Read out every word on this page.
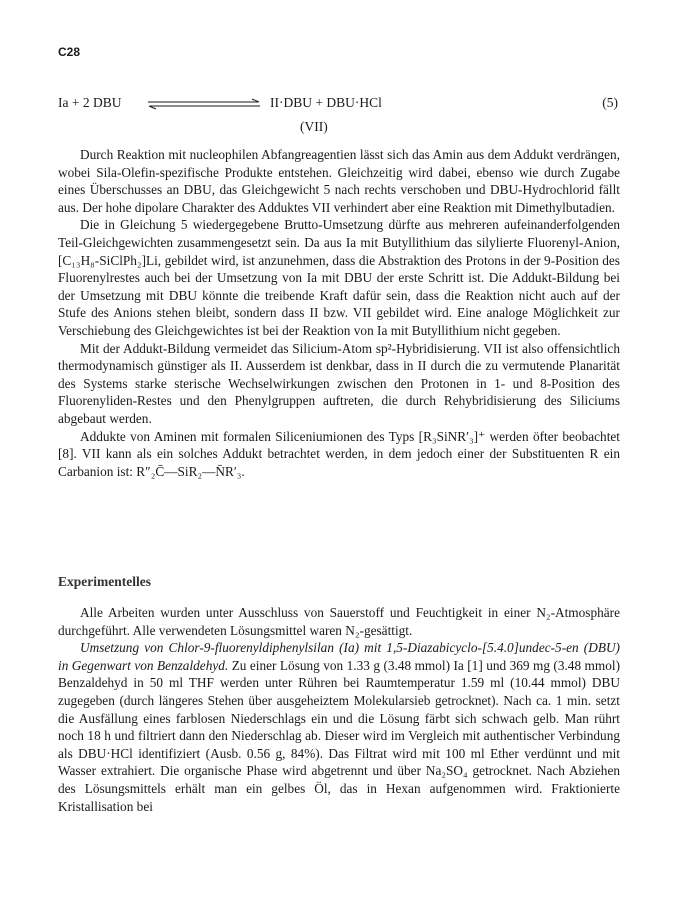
C28
Ia + 2 DBU	II·DBU + DBU·HCl	(5)
(VII)

Durch Reaktion mit nucleophilen Abfangreagentien lässt sich das Amin aus dem Addukt verdrängen, wobei Sila-Olefin-spezifische Produkte entstehen. Gleichzeitig wird dabei, ebenso wie durch Zugabe eines Überschusses an DBU, das Gleichgewicht 5 nach rechts verschoben und DBU-Hydrochlorid fällt aus. Der hohe dipolare Charakter des Adduktes VII verhindert aber eine Reaktion mit Dimethylbutadien.

Die in Gleichung 5 wiedergegebene Brutto-Umsetzung dürfte aus mehreren aufeinanderfolgenden Teil-Gleichgewichten zusammengesetzt sein. Da aus Ia mit Butyllithium das silylierte Fluorenyl-Anion, [C₁₃H₈-SiClPh₂]Li, gebildet wird, ist anzunehmen, dass die Abstraktion des Protons in der 9-Position des Fluorenylrestes auch bei der Umsetzung von Ia mit DBU der erste Schritt ist. Die Addukt-Bildung bei der Umsetzung mit DBU könnte die treibende Kraft dafür sein, dass die Reaktion nicht auch auf der Stufe des Anions stehen bleibt, sondern dass II bzw. VII gebildet wird. Eine analoge Möglichkeit zur Verschiebung des Gleichgewichtes ist bei der Reaktion von Ia mit Butyllithium nicht gegeben.

Mit der Addukt-Bildung vermeidet das Silicium-Atom sp²-Hybridisierung. VII ist also offensichtlich thermodynamisch günstiger als II. Ausserdem ist denkbar, dass in II durch die zu vermutende Planarität des Systems starke sterische Wechselwirkungen zwischen den Protonen in 1- und 8-Position des Fluorenyliden-Restes und den Phenylgruppen auftreten, die durch Rehybridisierung des Siliciums abgebaut werden.

Addukte von Aminen mit formalen Siliceniumionen des Typs [R₃SiNR′₃]⁺ werden öfter beobachtet [8]. VII kann als ein solches Addukt betrachtet werden, in dem jedoch einer der Substituenten R ein Carbanion ist: R″₂C̄—SiR₂—N̄R′₃.

Experimentelles

Alle Arbeiten wurden unter Ausschluss von Sauerstoff und Feuchtigkeit in einer N₂-Atmosphäre durchgeführt. Alle verwendeten Lösungsmittel waren N₂-gesättigt.

Umsetzung von Chlor-9-fluorenyldiphenylsilan (Ia) mit 1,5-Diazabicyclo-[5.4.0]undec-5-en (DBU) in Gegenwart von Benzaldehyd. Zu einer Lösung von 1.33 g (3.48 mmol) Ia [1] und 369 mg (3.48 mmol) Benzaldehyd in 50 ml THF werden unter Rühren bei Raumtemperatur 1.59 ml (10.44 mmol) DBU zugegeben (durch längeres Stehen über ausgeheiztem Molekularsieb getrocknet). Nach ca. 1 min. setzt die Ausfällung eines farblosen Niederschlags ein und die Lösung färbt sich schwach gelb. Man rührt noch 18 h und filtriert dann den Niederschlag ab. Dieser wird im Vergleich mit authentischer Verbindung als DBU·HCl identifiziert (Ausb. 0.56 g, 84%). Das Filtrat wird mit 100 ml Ether verdünnt und mit Wasser extrahiert. Die organische Phase wird abgetrennt und über Na₂SO₄ getrocknet. Nach Abziehen des Lösungsmittels erhält man ein gelbes Öl, das in Hexan aufgenommen wird. Fraktionierte Kristallisation bei
